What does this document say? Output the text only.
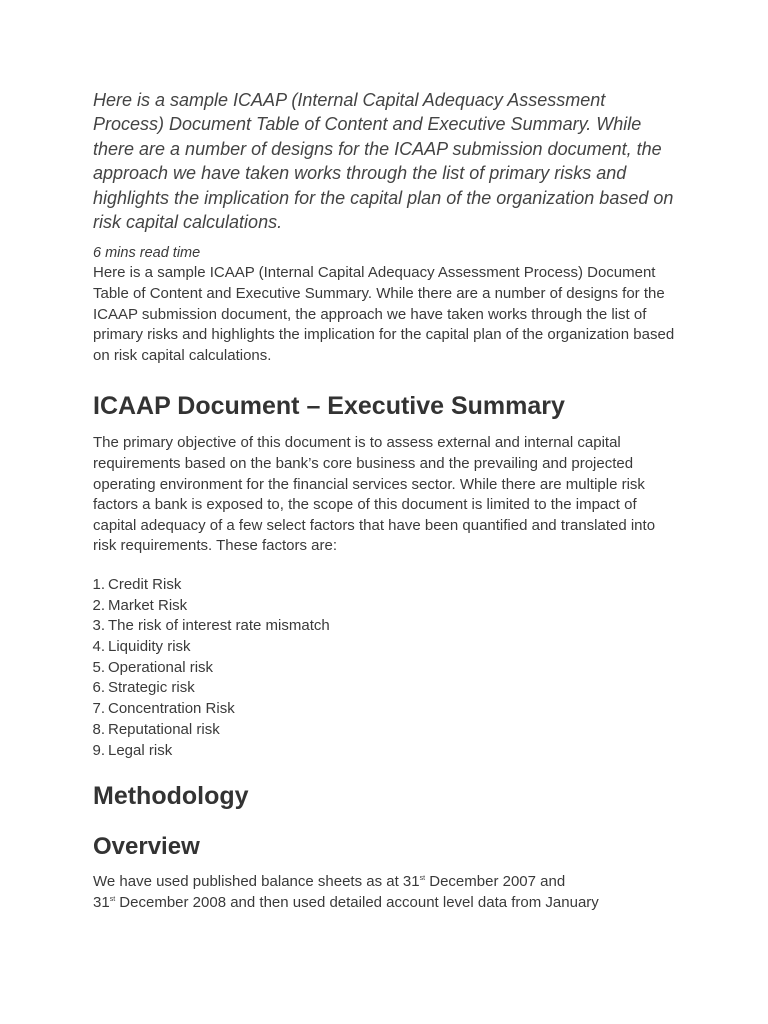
Here is a sample ICAAP (Internal Capital Adequacy Assessment Process) Document Table of Content and Executive Summary. While there are a number of designs for the ICAAP submission document, the approach we have taken works through the list of primary risks and highlights the implication for the capital plan of the organization based on risk capital calculations.

6 mins read time

Here is a sample ICAAP (Internal Capital Adequacy Assessment Process) Document Table of Content and Executive Summary. While there are a number of designs for the ICAAP submission document, the approach we have taken works through the list of primary risks and highlights the implication for the capital plan of the organization based on risk capital calculations.

ICAAP Document – Executive Summary

The primary objective of this document is to assess external and internal capital requirements based on the bank’s core business and the prevailing and projected operating environment for the financial services sector. While there are multiple risk factors a bank is exposed to, the scope of this document is limited to the impact of capital adequacy of a few select factors that have been quantified and translated into risk requirements. These factors are:

1. Credit Risk
2. Market Risk
3. The risk of interest rate mismatch
4. Liquidity risk
5. Operational risk
6. Strategic risk
7. Concentration Risk
8. Reputational risk
9. Legal risk
Methodology
Overview

We have used published balance sheets as at 31st December 2007 and
31st December 2008 and then used detailed account level data from January
